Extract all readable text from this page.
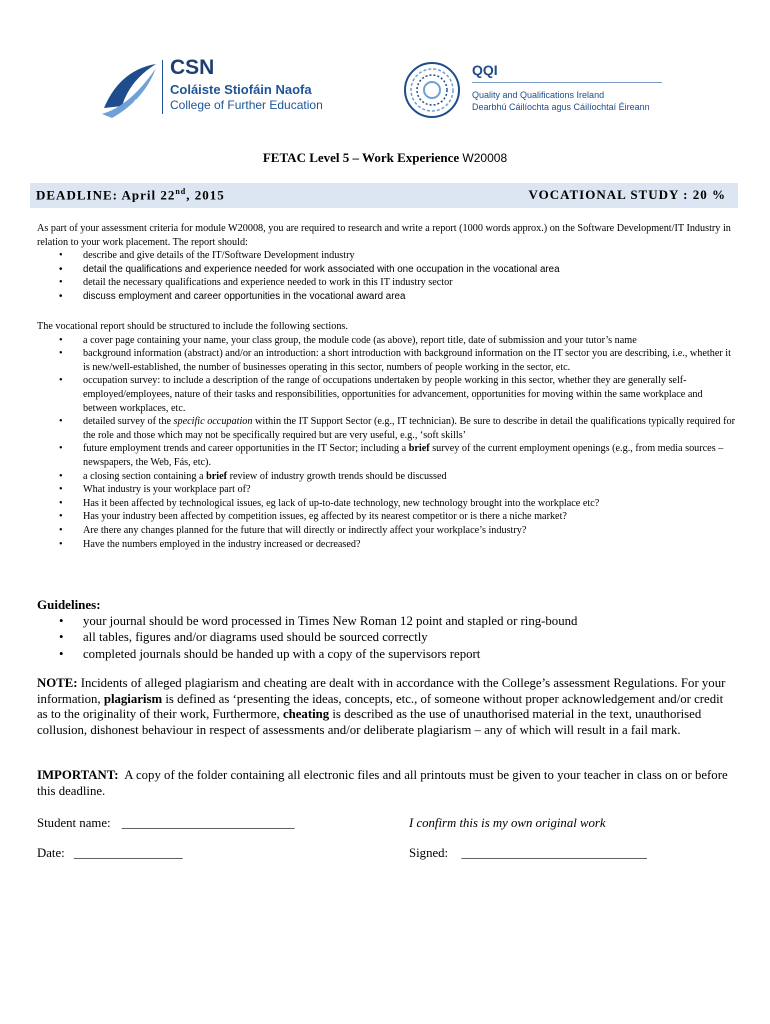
CSN
CSN
Coláiste Stiofáin Naofa
College of Further Education
QQI
Quality and Qualifications Ireland
Dearbhú Cáilíochta agus Cáilíochtaí Éireann
FETAC Level 5 – Work Experience W20008
DEADLINE: April 22nd, 2015	VOCATIONAL STUDY : 20 %
As part of your assessment criteria for module W20008, you are required to research and write a report (1000 words approx.) on the Software Development/IT Industry in relation to your work placement. The report should:
• describe and give details of the IT/Software Development industry
• detail the qualifications and experience needed for work associated with one occupation in the vocational area
• detail the necessary qualifications and experience needed to work in this IT industry sector
• discuss employment and career opportunities in the vocational award area
The vocational report should be structured to include the following sections.
• a cover page containing your name, your class group, the module code (as above), report title, date of submission and your tutor’s name
• background information (abstract) and/or an introduction: a short introduction with background information on the IT sector you are describing, i.e., whether it is new/well-established, the number of businesses operating in this sector, numbers of people working in the sector, etc.
• occupation survey: to include a description of the range of occupations undertaken by people working in this sector, whether they are generally self-employed/employees, nature of their tasks and responsibilities, opportunities for advancement, opportunities for moving within the same workplace and between workplaces, etc.
• detailed survey of the specific occupation within the IT Support Sector (e.g., IT technician). Be sure to describe in detail the qualifications typically required for the role and those which may not be specifically required but are very useful, e.g., ‘soft skills’
• future employment trends and career opportunities in the IT Sector; including a brief survey of the current employment openings (e.g., from media sources – newspapers, the Web, Fás, etc).
• a closing section containing a brief review of industry growth trends should be discussed
• What industry is your workplace part of?
• Has it been affected by technological issues, eg lack of up-to-date technology, new technology brought into the workplace etc?
• Has your industry been affected by competition issues, eg affected by its nearest competitor or is there a niche market?
• Are there any changes planned for the future that will directly or indirectly affect your workplace’s industry?
• Have the numbers employed in the industry increased or decreased?
Guidelines:
• your journal should be word processed in Times New Roman 12 point and stapled or ring-bound
• all tables, figures and/or diagrams used should be sourced correctly
• completed journals should be handed up with a copy of the supervisors report
NOTE: Incidents of alleged plagiarism and cheating are dealt with in accordance with the College’s assessment Regulations. For your information, plagiarism is defined as ‘presenting the ideas, concepts, etc., of someone without proper acknowledgement and/or credit as to the originality of their work, Furthermore, cheating is described as the use of unauthorised material in the text, unauthorised collusion, dishonest behaviour in respect of assessments and/or deliberate plagiarism – any of which will result in a fail mark.
IMPORTANT:  A copy of the folder containing all electronic files and all printouts must be given to your teacher in class on or before this deadline.
Student name: ___________________________	I confirm this is my own original work
Date: _________________	Signed: _____________________________
